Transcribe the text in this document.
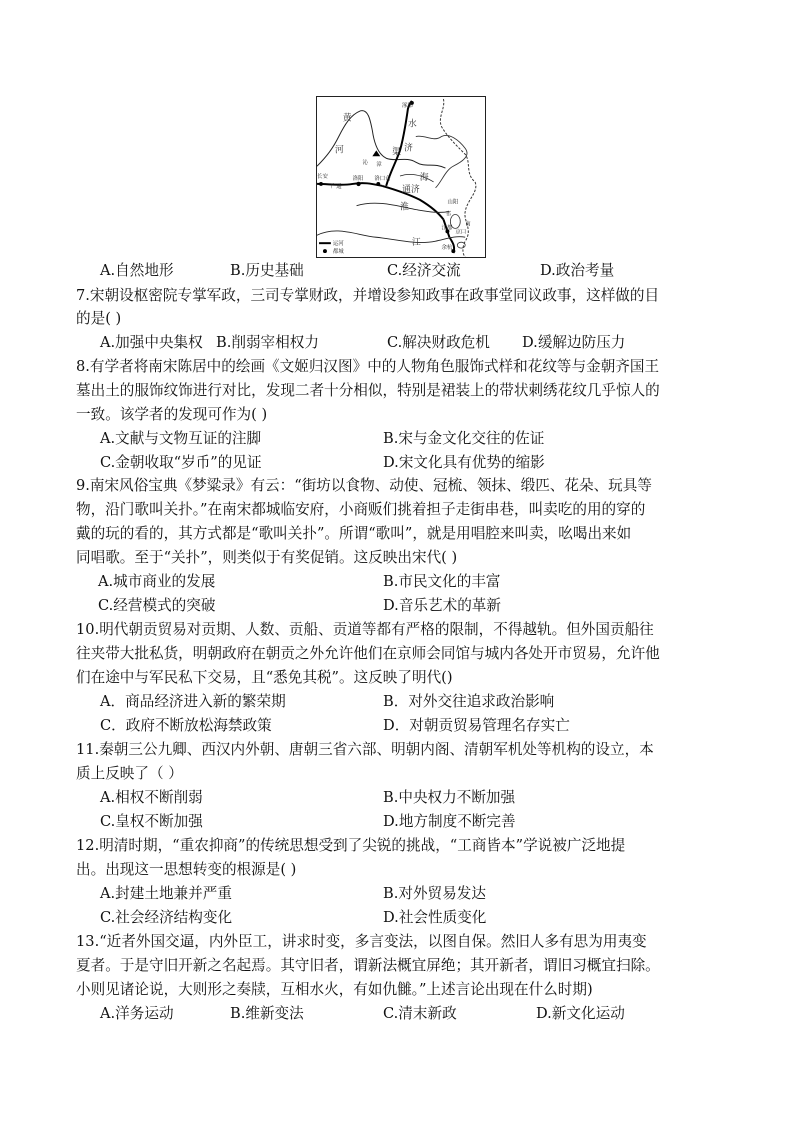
涿郡
黄
河
水
济
渠
沁 漳
长安
广通
洛阳 洛口仓
通济
海
淮	山阳
邗
江都
京口
江	余杭
南
运河
都城
A.自然地形	B.历史基础	C.经济交流	D.政治考量
7.宋朝设枢密院专掌军政，三司专掌财政，并增设参知政事在政事堂同议政事，这样做的目
的是( )
A.加强中央集权 B.削弱宰相权力	C.解决财政危机 D.缓解边防压力
8.有学者将南宋陈居中的绘画《文姬归汉图》中的人物角色服饰式样和花纹等与金朝齐国王
墓出土的服饰纹饰进行对比，发现二者十分相似，特别是裙装上的带状刺绣花纹几乎惊人的
一致。该学者的发现可作为( )
A.文献与文物互证的注脚	B.宋与金文化交往的佐证
C.金朝收取“岁币”的见证	D.宋文化具有优势的缩影
9.南宋风俗宝典《梦粱录》有云：“街坊以食物、动使、冠梳、领抹、缎匹、花朵、玩具等
物，沿门歌叫关扑。”在南宋都城临安府，小商贩们挑着担子走街串巷，叫卖吃的用的穿的
戴的玩的看的，其方式都是“歌叫关扑”。所谓“歌叫”，就是用唱腔来叫卖，吆喝出来如
同唱歌。至于“关扑”，则类似于有奖促销。这反映出宋代( )
A.城市商业的发展	B.市民文化的丰富
C.经营模式的突破	D.音乐艺术的革新
10.明代朝贡贸易对贡期、人数、贡船、贡道等都有严格的限制，不得越轨。但外国贡船往
往夹带大批私货，明朝政府在朝贡之外允许他们在京师会同馆与城内各处开市贸易，允许他
们在途中与军民私下交易，且“悉免其税”。这反映了明代()
A．商品经济进入新的繁荣期	B．对外交往追求政治影响
C．政府不断放松海禁政策	D．对朝贡贸易管理名存实亡
11.秦朝三公九卿、西汉内外朝、唐朝三省六部、明朝内阁、清朝军机处等机构的设立，本
质上反映了（ ）
A.相权不断削弱	B.中央权力不断加强
C.皇权不断加强	D.地方制度不断完善
12.明清时期，“重农抑商”的传统思想受到了尖锐的挑战，“工商皆本”学说被广泛地提
出。出现这一思想转变的根源是( )
A.封建土地兼并严重	B.对外贸易发达
C.社会经济结构变化	D.社会性质变化
13.“近者外国交逼，内外臣工，讲求时变，多言变法，以图自保。然旧人多有思为用夷变
夏者。于是守旧开新之名起焉。其守旧者，谓新法概宜屏绝；其开新者，谓旧习概宜扫除。
小则见诸论说，大则形之奏牍，互相水火，有如仇雠。”上述言论出现在什么时期)
A.洋务运动	B.维新变法	C.清末新政	D.新文化运动
